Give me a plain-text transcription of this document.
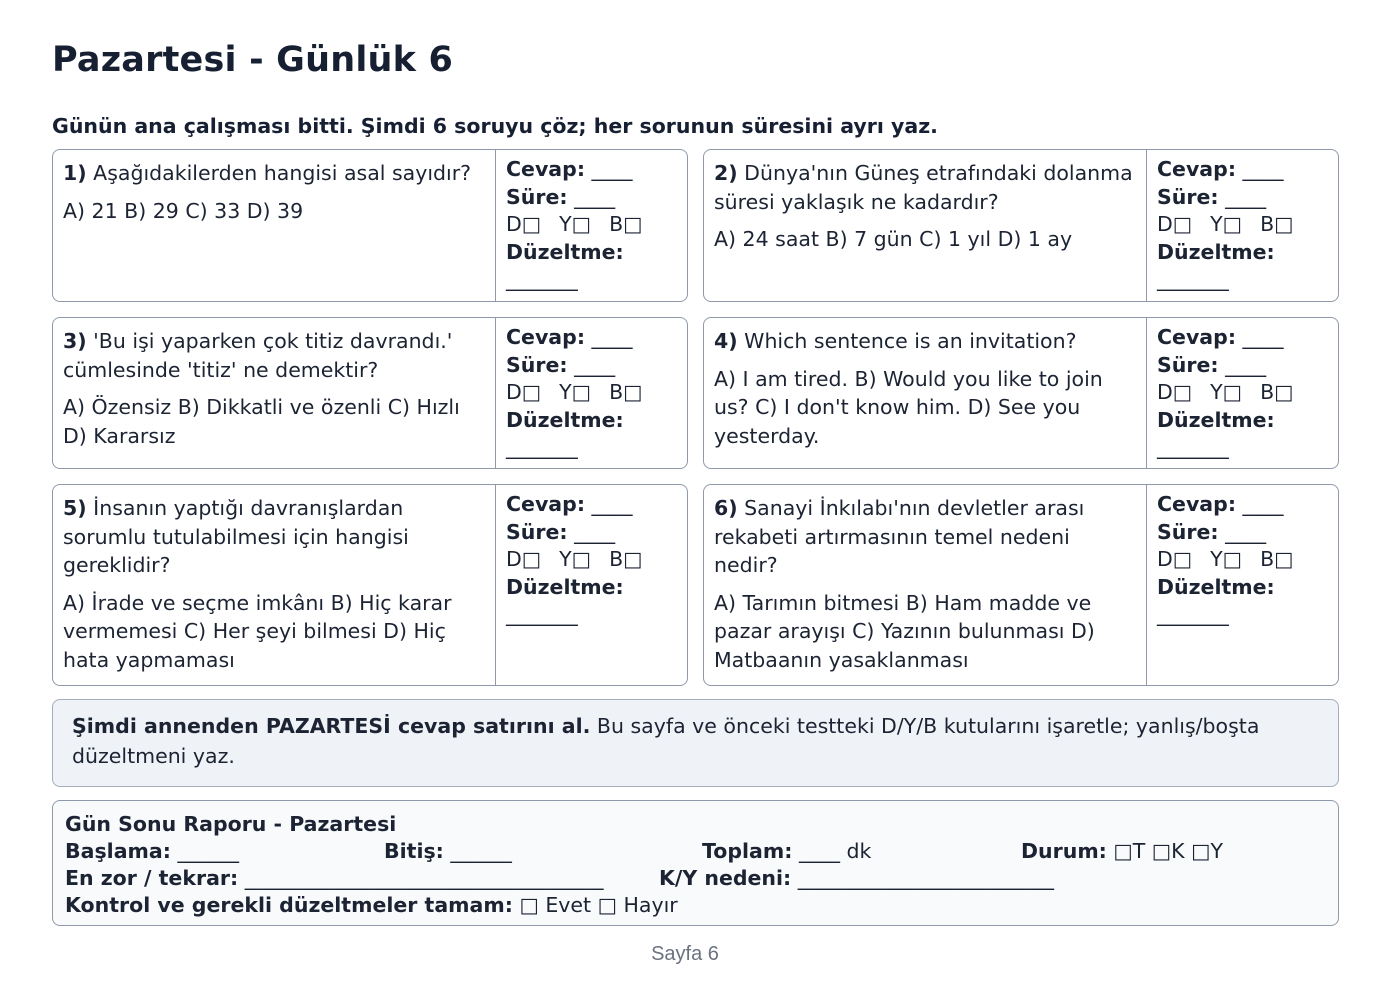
Pazartesi - Günlük 6

Günün ana çalışması bitti. Şimdi 6 soruyu çöz; her sorunun süresini ayrı yaz.

1) Aşağıdakilerden hangisi asal sayıdır?

A) 21 B) 29 C) 33 D) 39

Cevap: ____
Süre: ____
D□ Y□ B□
Düzeltme:
_______

2) Dünya'nın Güneş etrafındaki dolanma süresi yaklaşık ne kadardır?

A) 24 saat B) 7 gün C) 1 yıl D) 1 ay

Cevap: ____
Süre: ____
D□ Y□ B□
Düzeltme:
_______

3) 'Bu işi yaparken çok titiz davrandı.' cümlesinde 'titiz' ne demektir?

A) Özensiz B) Dikkatli ve özenli C) Hızlı D) Kararsız

Cevap: ____
Süre: ____
D□ Y□ B□
Düzeltme:
_______

4) Which sentence is an invitation?

A) I am tired. B) Would you like to join us? C) I don't know him. D) See you yesterday.

Cevap: ____
Süre: ____
D□ Y□ B□
Düzeltme:
_______

5) İnsanın yaptığı davranışlardan sorumlu tutulabilmesi için hangisi gereklidir?

A) İrade ve seçme imkânı B) Hiç karar vermemesi C) Her şeyi bilmesi D) Hiç hata yapmaması

Cevap: ____
Süre: ____
D□ Y□ B□
Düzeltme:
_______

6) Sanayi İnkılabı'nın devletler arası rekabeti artırmasının temel nedeni nedir?

A) Tarımın bitmesi B) Ham madde ve pazar arayışı C) Yazının bulunması D) Matbaanın yasaklanması

Cevap: ____
Süre: ____
D□ Y□ B□
Düzeltme:
_______
Şimdi annenden PAZARTESİ cevap satırını al. Bu sayfa ve önceki testteki D/Y/B kutularını işaretle; yanlış/boşta düzeltmeni yaz.
Gün Sonu Raporu - Pazartesi
Başlama: ______	Bitiş: ______	Toplam: ____ dk	Durum: □T □K □Y
En zor / tekrar: ___________________________________	K/Y nedeni: _________________________
Kontrol ve gerekli düzeltmeler tamam: □ Evet □ Hayır
Sayfa 6
